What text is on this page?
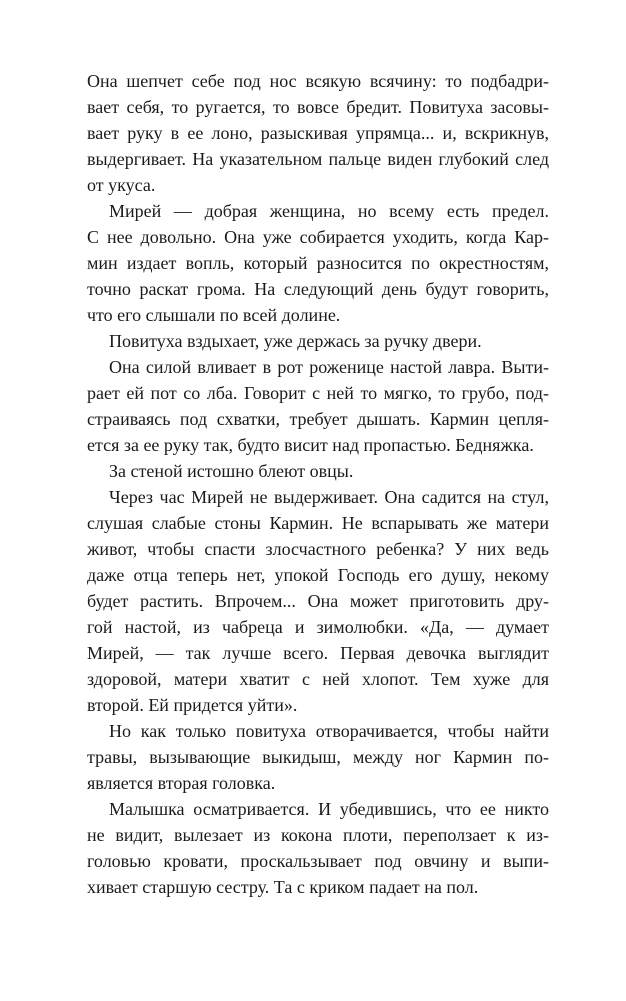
Она шепчет себе под нос всякую всячину: то подбадри-
вает себя, то ругается, то вовсе бредит. Повитуха засовы-
вает руку в ее лоно, разыскивая упрямца... и, вскрикнув,
выдергивает. На указательном пальце виден глубокий след
от укуса.
Мирей — добрая женщина, но всему есть предел.
С нее довольно. Она уже собирается уходить, когда Кар-
мин издает вопль, который разносится по окрестностям,
точно раскат грома. На следующий день будут говорить,
что его слышали по всей долине.
Повитуха вздыхает, уже держась за ручку двери.
Она силой вливает в рот роженице настой лавра. Выти-
рает ей пот со лба. Говорит с ней то мягко, то грубо, под-
страиваясь под схватки, требует дышать. Кармин цепля-
ется за ее руку так, будто висит над пропастью. Бедняжка.
За стеной истошно блеют овцы.
Через час Мирей не выдерживает. Она садится на стул,
слушая слабые стоны Кармин. Не вспарывать же матери
живот, чтобы спасти злосчастного ребенка? У них ведь
даже отца теперь нет, упокой Господь его душу, некому
будет растить. Впрочем... Она может приготовить дру-
гой настой, из чабреца и зимолюбки. «Да, — думает
Мирей, — так лучше всего. Первая девочка выглядит
здоровой, матери хватит с ней хлопот. Тем хуже для
второй. Ей придется уйти».
Но как только повитуха отворачивается, чтобы найти
травы, вызывающие выкидыш, между ног Кармин по-
является вторая головка.
Малышка осматривается. И убедившись, что ее никто
не видит, вылезает из кокона плоти, переползает к из-
головью кровати, проскальзывает под овчину и выпи-
хивает старшую сестру. Та с криком падает на пол.
